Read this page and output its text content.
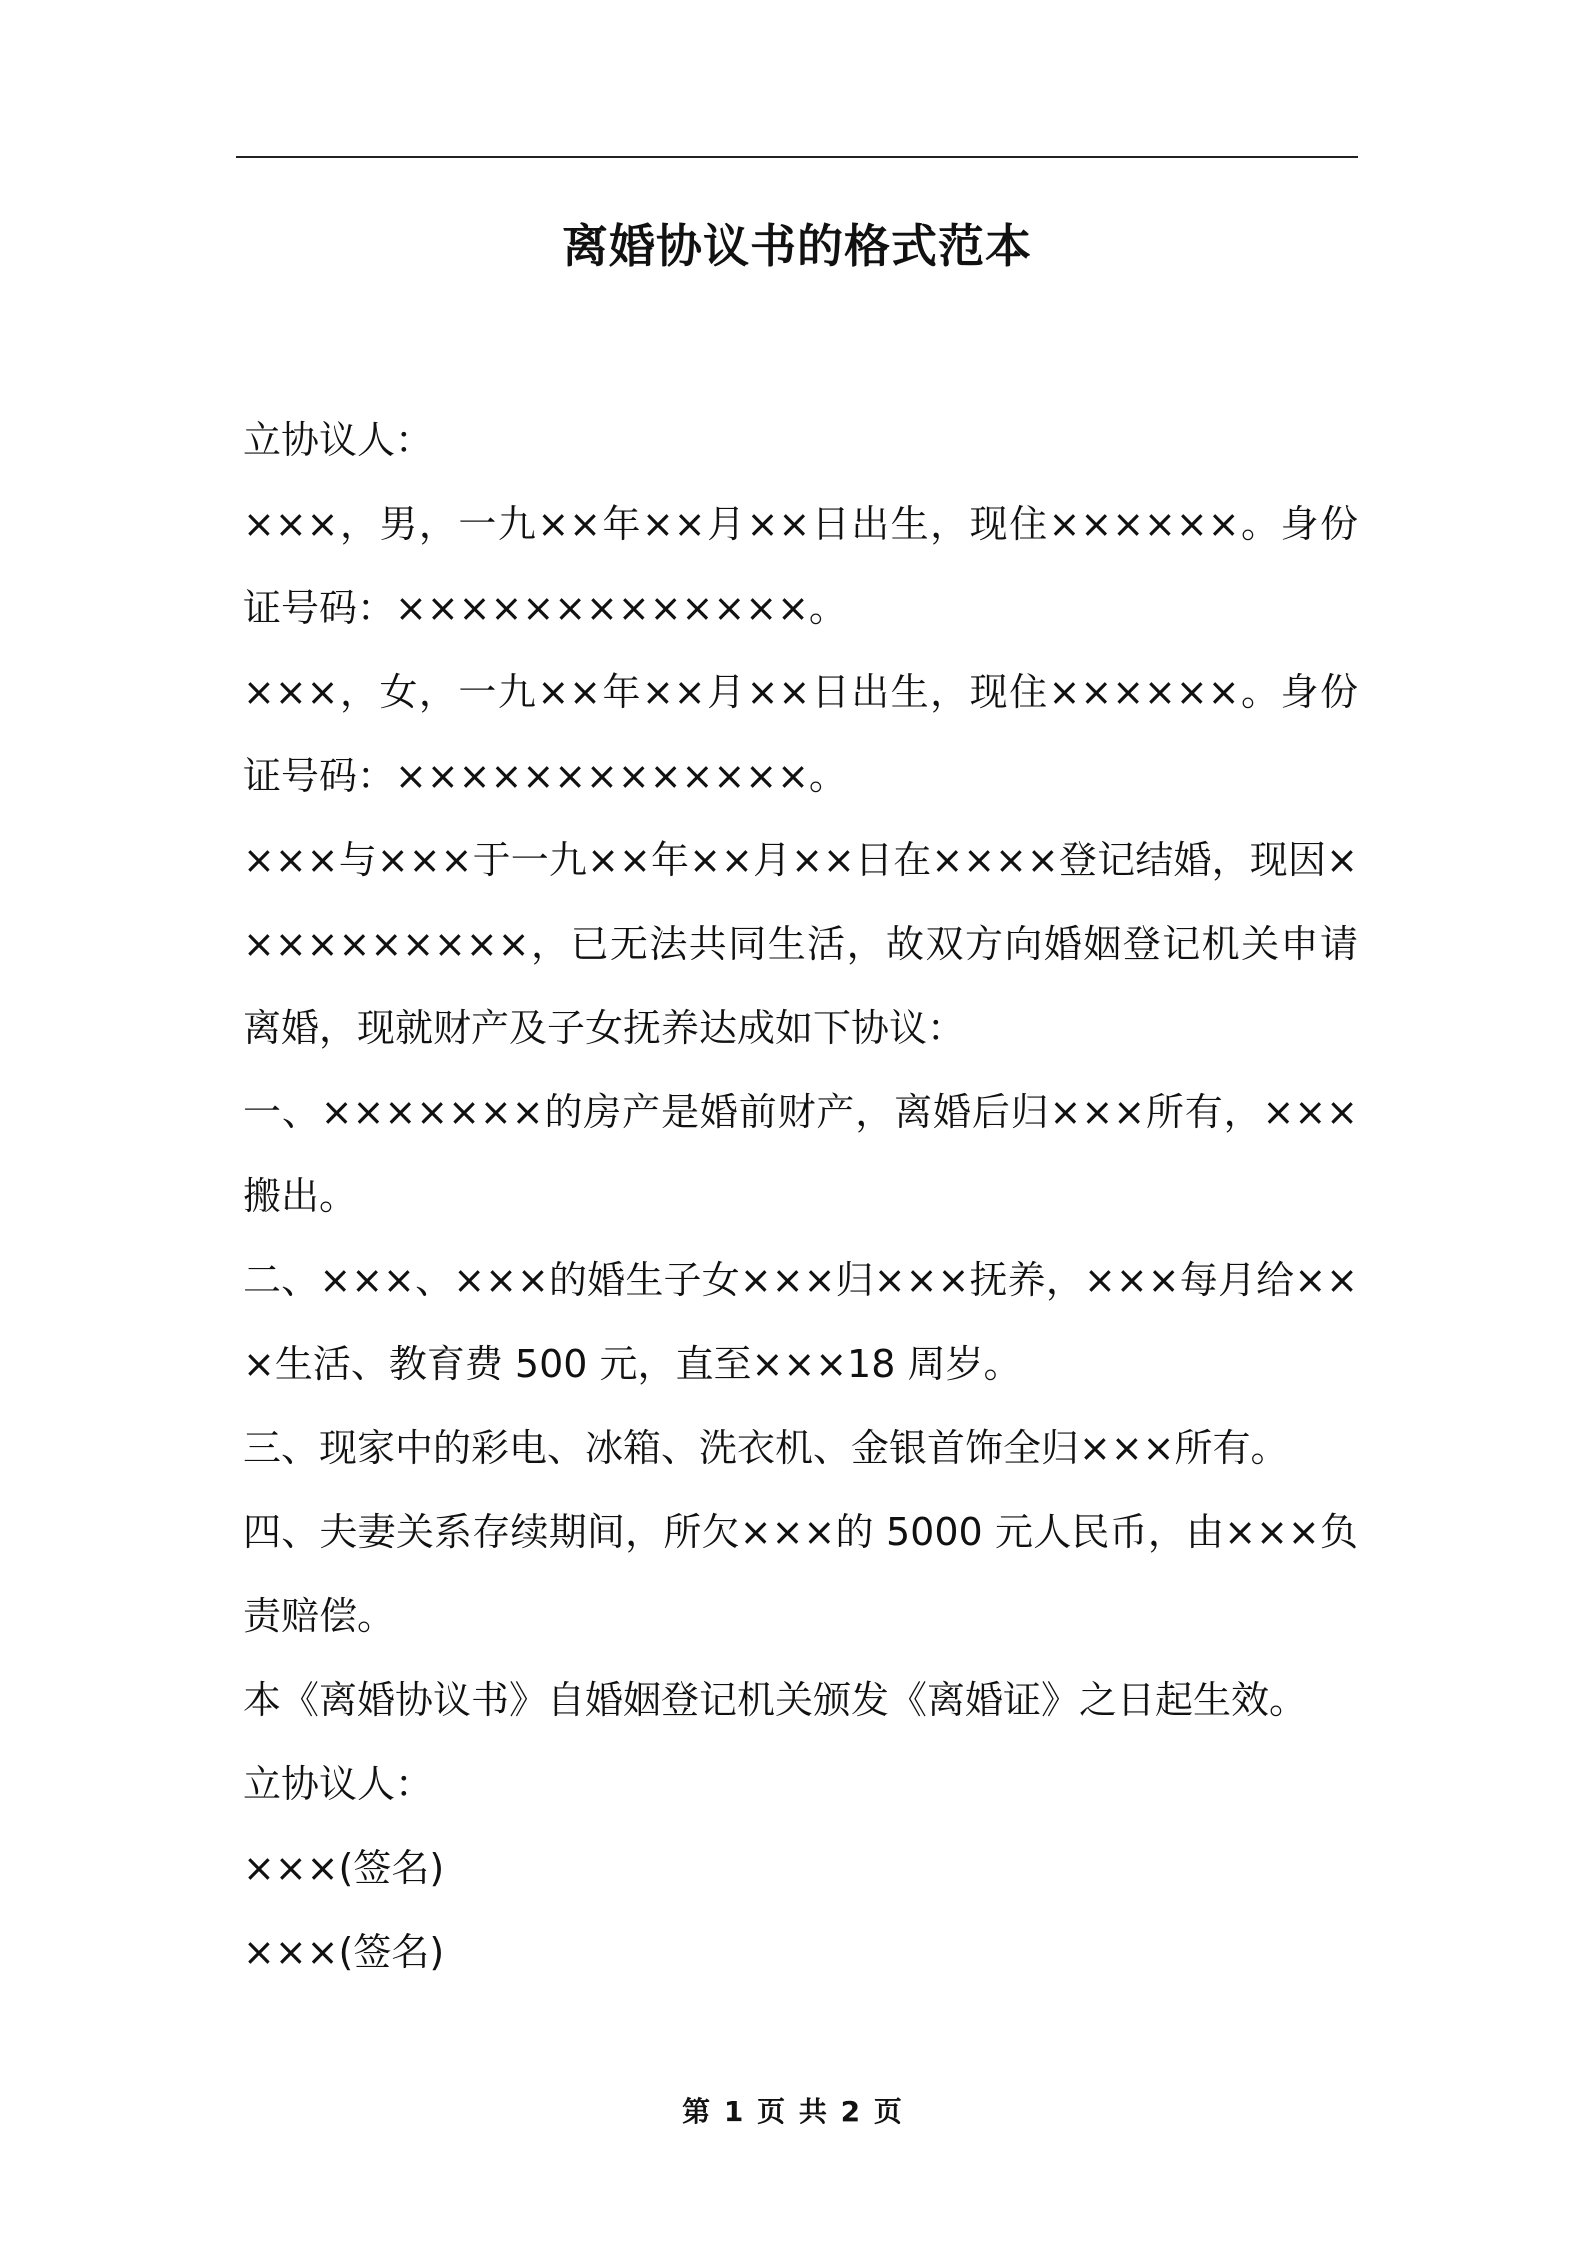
离婚协议书的格式范本

立协议人：

×××，男，一九××年××月××日出生，现住××××××。身份证号码：×××××××××××××。

×××，女，一九××年××月××日出生，现住××××××。身份证号码：×××××××××××××。

×××与×××于一九××年××月××日在××××登记结婚，现因××××××××××，已无法共同生活，故双方向婚姻登记机关申请离婚，现就财产及子女抚养达成如下协议：

一、×××××××的房产是婚前财产，离婚后归×××所有，×××搬出。

二、×××、×××的婚生子女×××归×××抚养，×××每月给×××生活、教育费 500 元，直至×××18 周岁。

三、现家中的彩电、冰箱、洗衣机、金银首饰全归×××所有。

四、夫妻关系存续期间，所欠×××的 5000 元人民币，由×××负责赔偿。

本《离婚协议书》自婚姻登记机关颁发《离婚证》之日起生效。

立协议人：

×××(签名)

×××(签名)

第 1 页 共 2 页
